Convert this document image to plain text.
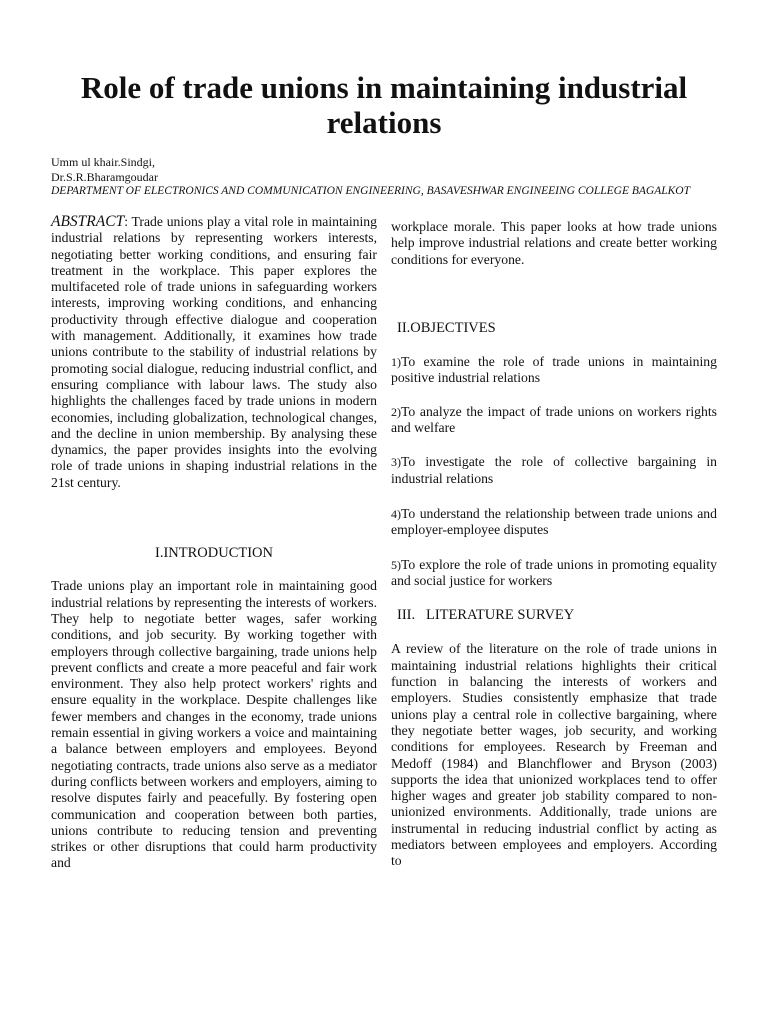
Role of trade unions in maintaining industrial relations
Umm ul khair.Sindgi,
Dr.S.R.Bharamgoudar
DEPARTMENT OF ELECTRONICS AND COMMUNICATION ENGINEERING, BASAVESHWAR ENGINEEING COLLEGE BAGALKOT

ABSTRACT: Trade unions play a vital role in maintaining industrial relations by representing workers interests, negotiating better working conditions, and ensuring fair treatment in the workplace. This paper explores the multifaceted role of trade unions in safeguarding workers interests, improving working conditions, and enhancing productivity through effective dialogue and cooperation with management. Additionally, it examines how trade unions contribute to the stability of industrial relations by promoting social dialogue, reducing industrial conflict, and ensuring compliance with labour laws. The study also highlights the challenges faced by trade unions in modern economies, including globalization, technological changes, and the decline in union membership. By analysing these dynamics, the paper provides insights into the evolving role of trade unions in shaping industrial relations in the 21st century.

I.INTRODUCTION

Trade unions play an important role in maintaining good industrial relations by representing the interests of workers. They help to negotiate better wages, safer working conditions, and job security. By working together with employers through collective bargaining, trade unions help prevent conflicts and create a more peaceful and fair work environment. They also help protect workers' rights and ensure equality in the workplace. Despite challenges like fewer members and changes in the economy, trade unions remain essential in giving workers a voice and maintaining a balance between employers and employees. Beyond negotiating contracts, trade unions also serve as a mediator during conflicts between workers and employers, aiming to resolve disputes fairly and peacefully. By fostering open communication and cooperation between both parties, unions contribute to reducing tension and preventing strikes or other disruptions that could harm productivity and

workplace morale. This paper looks at how trade unions help improve industrial relations and create better working conditions for everyone.

II.OBJECTIVES

1)To examine the role of trade unions in maintaining positive industrial relations

2)To analyze the impact of trade unions on workers rights and welfare

3)To investigate the role of collective bargaining in industrial relations

4)To understand the relationship between trade unions and employer-employee disputes

5)To explore the role of trade unions in promoting equality and social justice for workers

III.   LITERATURE SURVEY

A review of the literature on the role of trade unions in maintaining industrial relations highlights their critical function in balancing the interests of workers and employers. Studies consistently emphasize that trade unions play a central role in collective bargaining, where they negotiate better wages, job security, and working conditions for employees. Research by Freeman and Medoff (1984) and Blanchflower and Bryson (2003) supports the idea that unionized workplaces tend to offer higher wages and greater job stability compared to non-unionized environments. Additionally, trade unions are instrumental in reducing industrial conflict by acting as mediators between employees and employers. According to
